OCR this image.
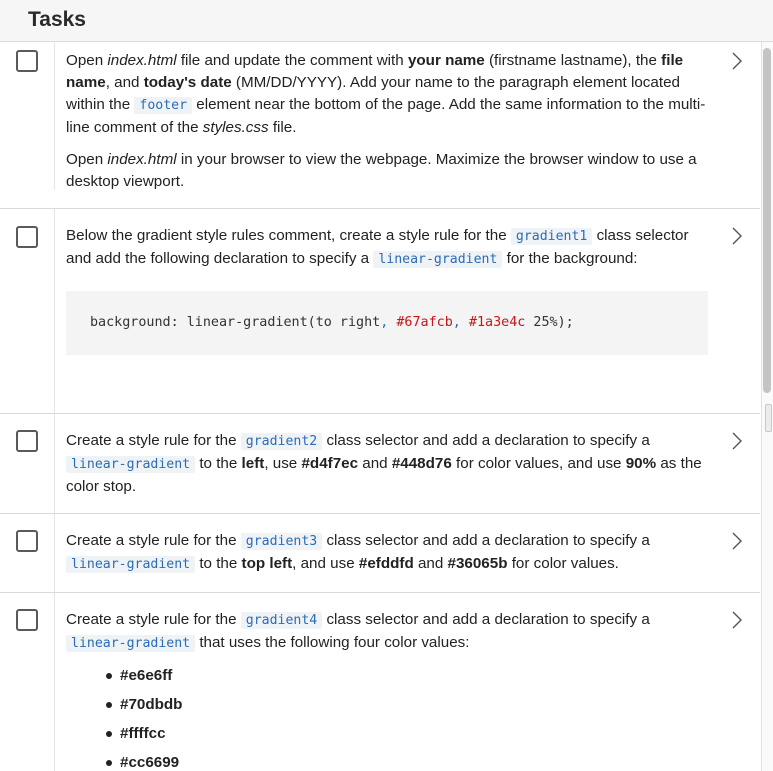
Tasks

Open index.html file and update the comment with your name (firstname lastname), the file name, and today's date (MM/DD/YYYY). Add your name to the paragraph element located within the footer element near the bottom of the page. Add the same information to the multi-line comment of the styles.css file.

Open index.html in your browser to view the webpage. Maximize the browser window to use a desktop viewport.

Below the gradient style rules comment, create a style rule for the gradient1 class selector and add the following declaration to specify a linear-gradient for the background:

background: linear-gradient(to right, #67afcb, #1a3e4c 25%);

Create a style rule for the gradient2 class selector and add a declaration to specify a linear-gradient to the left, use #d4f7ec and #448d76 for color values, and use 90% as the color stop.

Create a style rule for the gradient3 class selector and add a declaration to specify a linear-gradient to the top left, and use #efddfd and #36065b for color values.

Create a style rule for the gradient4 class selector and add a declaration to specify a linear-gradient that uses the following four color values:

#e6e6ff
#70dbdb
#ffffcc
#cc6699
